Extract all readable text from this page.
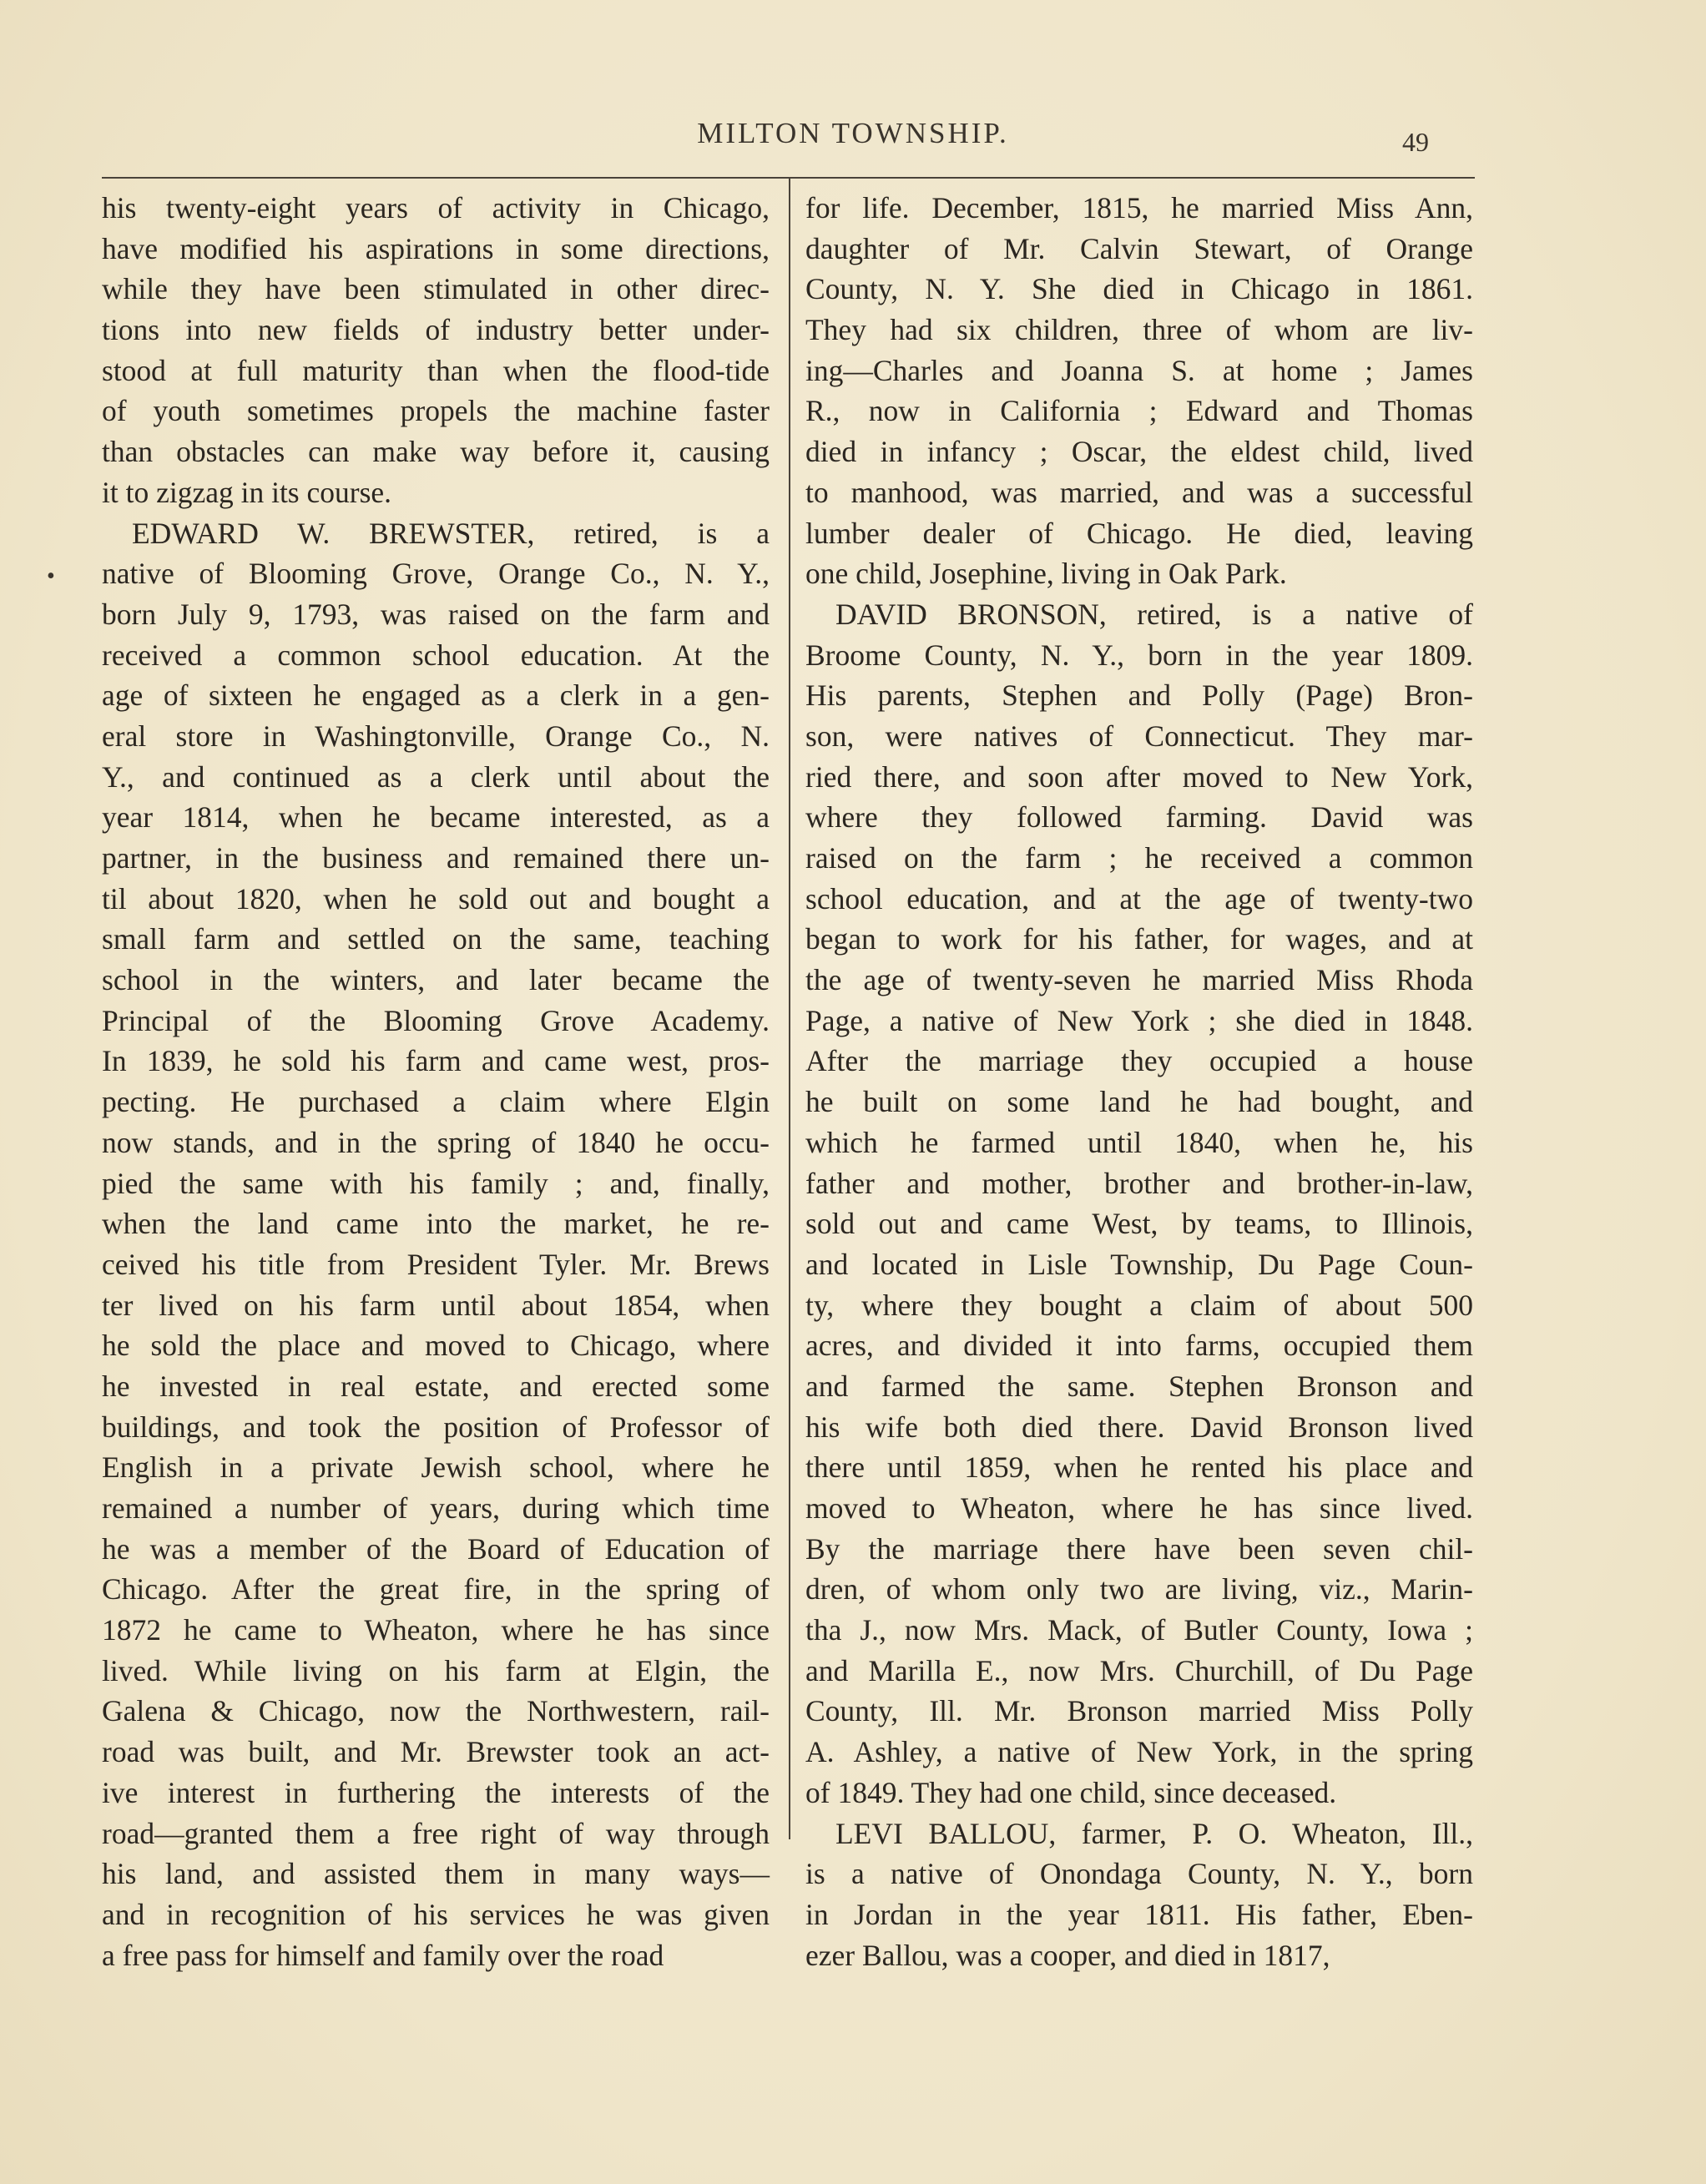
MILTON TOWNSHIP.	49
•
his twenty-eight years of activity in Chicago,
have modified his aspirations in some directions,
while they have been stimulated in other direc-
tions into new fields of industry better under-
stood at full maturity than when the flood-tide
of youth sometimes propels the machine faster
than obstacles can make way before it, causing
it to zigzag in its course.
EDWARD W. BREWSTER, retired, is a
native of Blooming Grove, Orange Co., N. Y.,
born July 9, 1793, was raised on the farm and
received a common school education. At the
age of sixteen he engaged as a clerk in a gen-
eral store in Washingtonville, Orange Co., N.
Y., and continued as a clerk until about the
year 1814, when he became interested, as a
partner, in the business and remained there un-
til about 1820, when he sold out and bought a
small farm and settled on the same, teaching
school in the winters, and later became the
Principal of the Blooming Grove Academy.
In 1839, he sold his farm and came west, pros-
pecting. He purchased a claim where Elgin
now stands, and in the spring of 1840 he occu-
pied the same with his family ; and, finally,
when the land came into the market, he re-
ceived his title from President Tyler. Mr. Brews
ter lived on his farm until about 1854, when
he sold the place and moved to Chicago, where
he invested in real estate, and erected some
buildings, and took the position of Professor of
English in a private Jewish school, where he
remained a number of years, during which time
he was a member of the Board of Education of
Chicago. After the great fire, in the spring of
1872 he came to Wheaton, where he has since
lived. While living on his farm at Elgin, the
Galena & Chicago, now the Northwestern, rail-
road was built, and Mr. Brewster took an act-
ive interest in furthering the interests of the
road—granted them a free right of way through
his land, and assisted them in many ways—
and in recognition of his services he was given
a free pass for himself and family over the road
for life. December, 1815, he married Miss Ann,
daughter of Mr. Calvin Stewart, of Orange
County, N. Y. She died in Chicago in 1861.
They had six children, three of whom are liv-
ing—Charles and Joanna S. at home ; James
R., now in California ; Edward and Thomas
died in infancy ; Oscar, the eldest child, lived
to manhood, was married, and was a successful
lumber dealer of Chicago. He died, leaving
one child, Josephine, living in Oak Park.
DAVID BRONSON, retired, is a native of
Broome County, N. Y., born in the year 1809.
His parents, Stephen and Polly (Page) Bron-
son, were natives of Connecticut. They mar-
ried there, and soon after moved to New York,
where they followed farming. David was
raised on the farm ; he received a common
school education, and at the age of twenty-two
began to work for his father, for wages, and at
the age of twenty-seven he married Miss Rhoda
Page, a native of New York ; she died in 1848.
After the marriage they occupied a house
he built on some land he had bought, and
which he farmed until 1840, when he, his
father and mother, brother and brother-in-law,
sold out and came West, by teams, to Illinois,
and located in Lisle Township, Du Page Coun-
ty, where they bought a claim of about 500
acres, and divided it into farms, occupied them
and farmed the same. Stephen Bronson and
his wife both died there. David Bronson lived
there until 1859, when he rented his place and
moved to Wheaton, where he has since lived.
By the marriage there have been seven chil-
dren, of whom only two are living, viz., Marin-
tha J., now Mrs. Mack, of Butler County, Iowa ;
and Marilla E., now Mrs. Churchill, of Du Page
County, Ill. Mr. Bronson married Miss Polly
A. Ashley, a native of New York, in the spring
of 1849. They had one child, since deceased.
LEVI BALLOU, farmer, P. O. Wheaton, Ill.,
is a native of Onondaga County, N. Y., born
in Jordan in the year 1811. His father, Eben-
ezer Ballou, was a cooper, and died in 1817,
